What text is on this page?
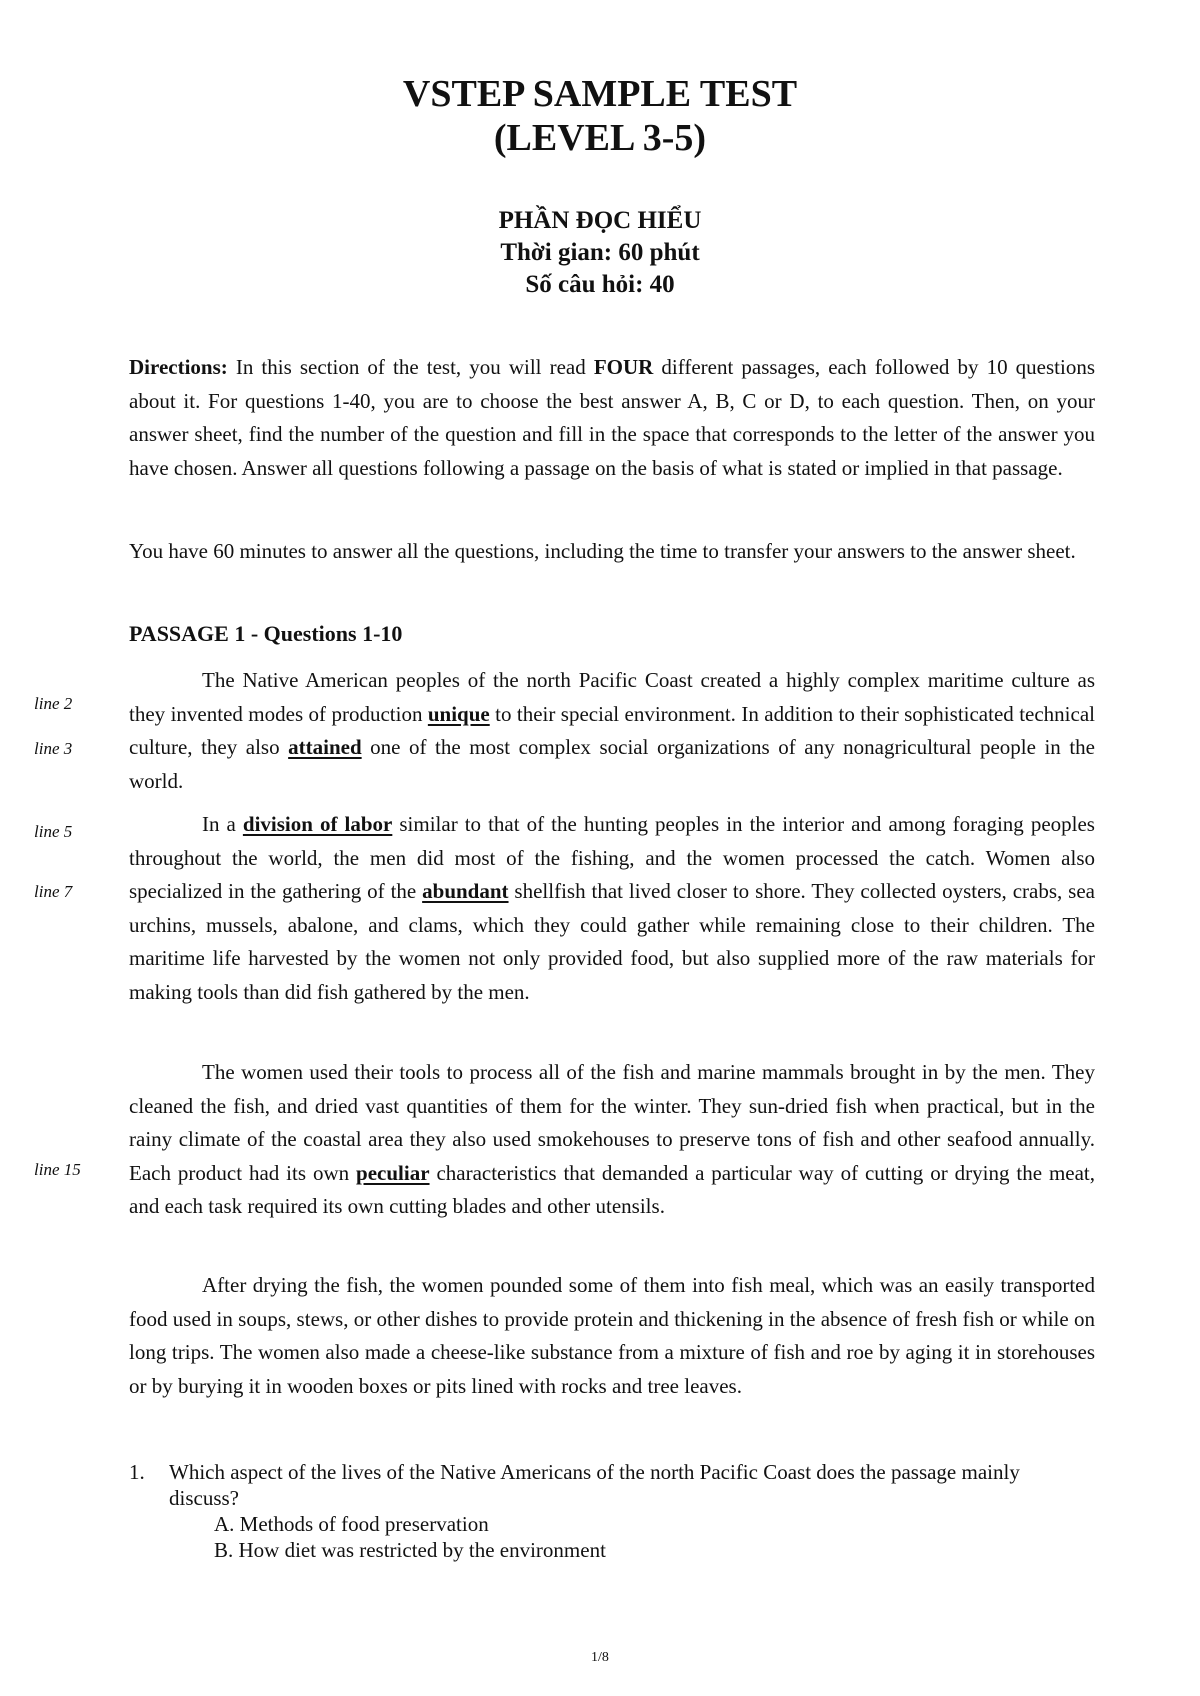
VSTEP SAMPLE TEST
(LEVEL 3-5)
PHẦN ĐỌC HIỂU
Thời gian: 60 phút
Số câu hỏi: 40
Directions: In this section of the test, you will read FOUR different passages, each followed by 10 questions about it. For questions 1-40, you are to choose the best answer A, B, C or D, to each question. Then, on your answer sheet, find the number of the question and fill in the space that corresponds to the letter of the answer you have chosen. Answer all questions following a passage on the basis of what is stated or implied in that passage.
You have 60 minutes to answer all the questions, including the time to transfer your answers to the answer sheet.
PASSAGE 1 - Questions 1-10
line 2
line 3
line 5
line 7
line 15
The Native American peoples of the north Pacific Coast created a highly complex maritime culture as they invented modes of production unique to their special environment. In addition to their sophisticated technical culture, they also attained one of the most complex social organizations of any nonagricultural people in the world.
In a division of labor similar to that of the hunting peoples in the interior and among foraging peoples throughout the world, the men did most of the fishing, and the women processed the catch. Women also specialized in the gathering of the abundant shellfish that lived closer to shore. They collected oysters, crabs, sea urchins, mussels, abalone, and clams, which they could gather while remaining close to their children. The maritime life harvested by the women not only provided food, but also supplied more of the raw materials for making tools than did fish gathered by the men.
The women used their tools to process all of the fish and marine mammals brought in by the men. They cleaned the fish, and dried vast quantities of them for the winter. They sun-dried fish when practical, but in the rainy climate of the coastal area they also used smokehouses to preserve tons of fish and other seafood annually. Each product had its own peculiar characteristics that demanded a particular way of cutting or drying the meat, and each task required its own cutting blades and other utensils.
After drying the fish, the women pounded some of them into fish meal, which was an easily transported food used in soups, stews, or other dishes to provide protein and thickening in the absence of fresh fish or while on long trips. The women also made a cheese-like substance from a mixture of fish and roe by aging it in storehouses or by burying it in wooden boxes or pits lined with rocks and tree leaves.
1. Which aspect of the lives of the Native Americans of the north Pacific Coast does the passage mainly discuss?
A. Methods of food preservation
B. How diet was restricted by the environment
1/8
